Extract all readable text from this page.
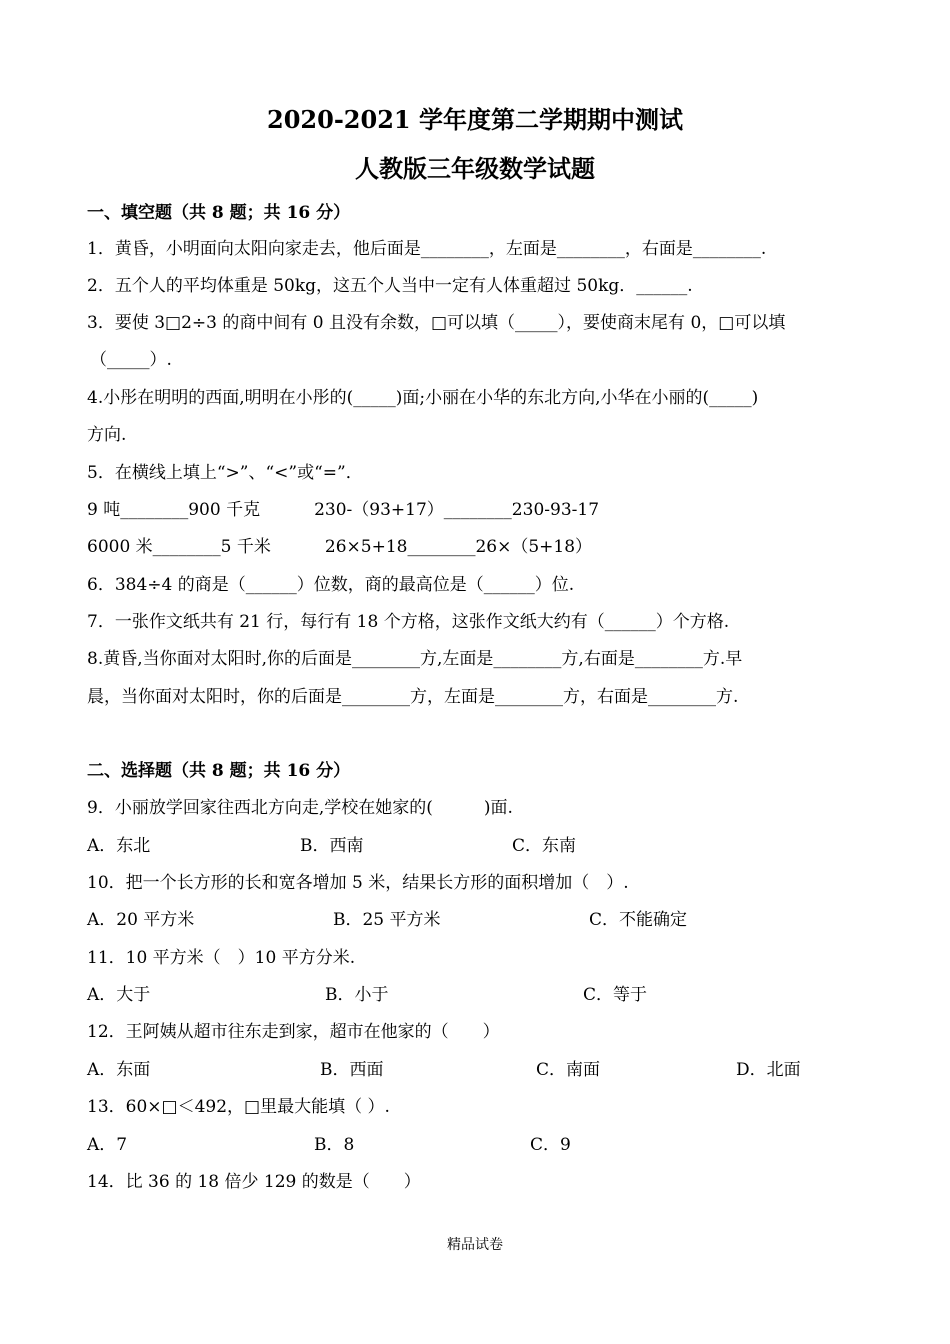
2020-2021 学年度第二学期期中测试
人教版三年级数学试题
一、填空题（共 8 题；共 16 分）
1．黄昏，小明面向太阳向家走去，他后面是________，左面是________，右面是________.
2．五个人的平均体重是 50kg，这五个人当中一定有人体重超过 50kg．______.
3．要使 3□2÷3 的商中间有 0 且没有余数，□可以填（_____），要使商末尾有 0，□可以填
（_____）.
4.小彤在明明的西面,明明在小彤的(_____)面;小丽在小华的东北方向,小华在小丽的(_____)
方向.
5．在横线上填上“>”、“<”或“=”．
9 吨________900 千克          230-（93+17）________230-93-17
6000 米________5 千米          26×5+18________26×（5+18）
6．384÷4 的商是（______）位数，商的最高位是（______）位.
7．一张作文纸共有 21 行，每行有 18 个方格，这张作文纸大约有（______）个方格.
8.黄昏,当你面对太阳时,你的后面是________方,左面是________方,右面是________方.早
晨，当你面对太阳时，你的后面是________方，左面是________方，右面是________方.
二、选择题（共 8 题；共 16 分）
9．小丽放学回家往西北方向走,学校在她家的(　　　)面.
A．东北	B．西南	C．东南
10．把一个长方形的长和宽各增加 5 米，结果长方形的面积增加（　）.
A．20 平方米	B．25 平方米	C．不能确定
11．10 平方米（　）10 平方分米.
A．大于	B．小于	C．等于
12．王阿姨从超市往东走到家，超市在他家的（　　）
A．东面	B．西面	C．南面	D．北面
13．60×□＜492，□里最大能填（ ）.
A．7	B．8	C．9
14．比 36 的 18 倍少 129 的数是（　　）
精品试卷
